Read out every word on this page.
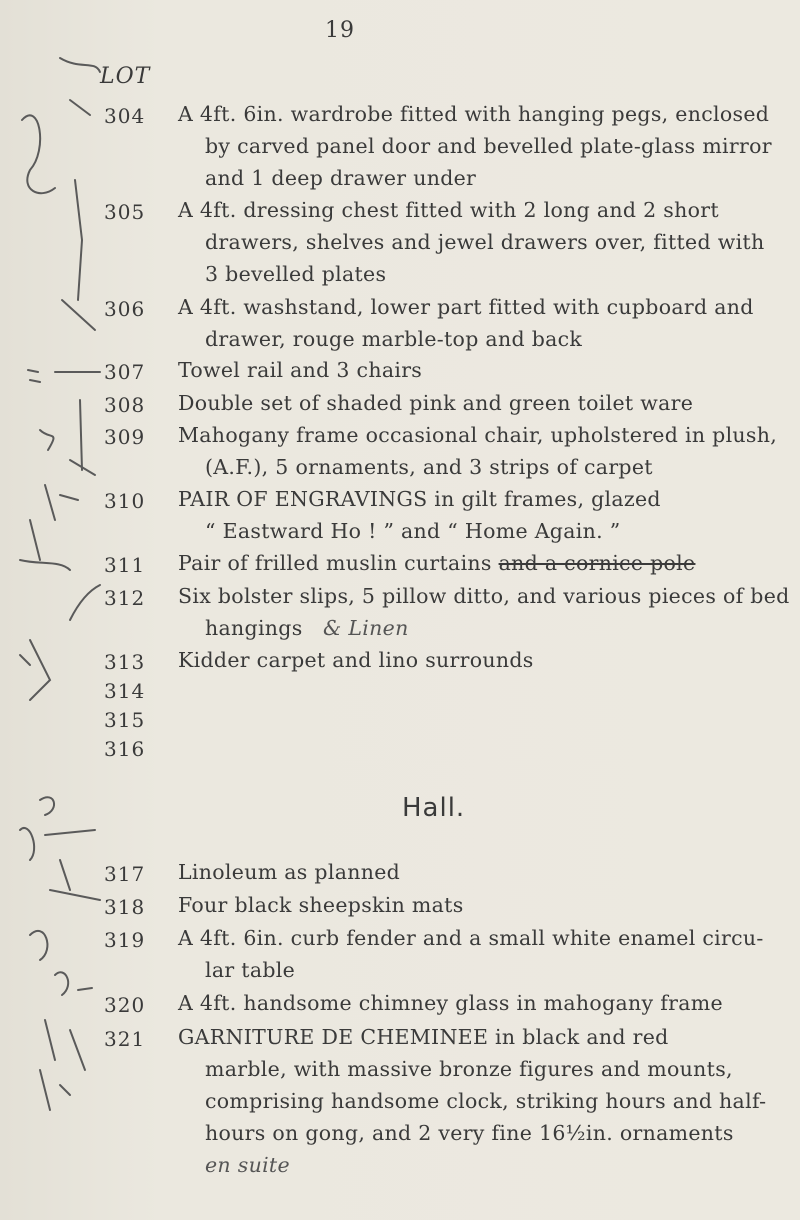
19
LOT
304 A 4ft. 6in. wardrobe fitted with hanging pegs, enclosed
by carved panel door and bevelled plate-glass mirror
and 1 deep drawer under
305 A 4ft. dressing chest fitted with 2 long and 2 short
drawers, shelves and jewel drawers over, fitted with
3 bevelled plates
306 A 4ft. washstand, lower part fitted with cupboard and
drawer, rouge marble-top and back
307 Towel rail and 3 chairs
308 Double set of shaded pink and green toilet ware
309 Mahogany frame occasional chair, upholstered in plush,
(A.F.), 5 ornaments, and 3 strips of carpet
310 PAIR OF ENGRAVINGS in gilt frames, glazed
“ Eastward Ho ! ” and “ Home Again. ”
311 Pair of frilled muslin curtains and a cornice pole
312 Six bolster slips, 5 pillow ditto, and various pieces of bed
hangings & Linen
313 Kidder carpet and lino surrounds
314
315
316
Hall.
317 Linoleum as planned
318 Four black sheepskin mats
319 A 4ft. 6in. curb fender and a small white enamel circu-
lar table
320 A 4ft. handsome chimney glass in mahogany frame
321 GARNITURE DE CHEMINEE in black and red
marble, with massive bronze figures and mounts,
comprising handsome clock, striking hours and half-
hours on gong, and 2 very fine 16½in. ornaments
en suite
